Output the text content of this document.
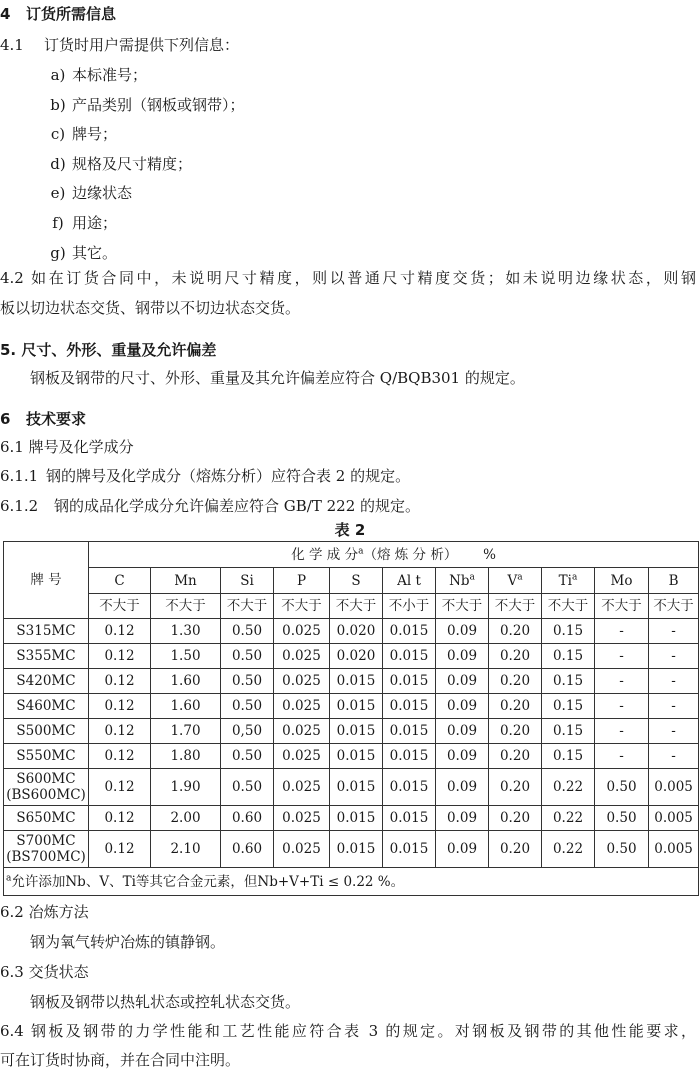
4 订货所需信息
4.1 订货时用户需提供下列信息：
a) 本标准号；
b) 产品类别（钢板或钢带）；
c) 牌号；
d) 规格及尺寸精度；
e) 边缘状态
f) 用途；
g) 其它。
4.2 如在订货合同中，未说明尺寸精度，则以普通尺寸精度交货；如未说明边缘状态，则钢
板以切边状态交货、钢带以不切边状态交货。
5. 尺寸、外形、重量及允许偏差
钢板及钢带的尺寸、外形、重量及其允许偏差应符合 Q/BQB301 的规定。
6 技术要求
6.1 牌号及化学成分
6.1.1 钢的牌号及化学成分（熔炼分析）应符合表 2 的规定。
6.1.2 钢的成品化学成分允许偏差应符合 GB/T 222 的规定。
表 2
牌 号	化 学 成 分$^a$（熔 炼 分 析） %										
	C	Mn	Si	P	S	Al t	Nb$^a$	$V^a$	Ti$^a$	Mo	B
	不大于	不大于	不大于	不大于	不大于	不小于	不大于	不大于	不大于	不大于	不大于
S315MC	0.12	1.30	0.50	0.025	0.020	0.015	0.09	0.20	0.15	-	-
S355MC	0.12	1.50	0.50	0.025	0.020	0.015	0.09	0.20	0.15	-	-
S420MC	0.12	1.60	0.50	0.025	0.015	0.015	0.09	0.20	0.15	-	-
S460MC	0.12	1.60	0.50	0.025	0.015	0.015	0.09	0.20	0.15	-	-
S500MC	0.12	1.70	0,50	0.025	0.015	0.015	0.09	0.20	0.15	-	-
S550MC	0.12	1.80	0.50	0.025	0.015	0.015	0.09	0.20	0.15	-	-
S600MC
(BS600MC)	0.12	1.90	0.50	0.025	0.015	0.015	0.09	0.20	0.22	0.50	0.005
S650MC	0.12	2.00	0.60	0.025	0.015	0.015	0.09	0.20	0.22	0.50	0.005
S700MC
(BS700MC)	0.12	2.10	0.60	0.025	0.015	0.015	0.09	0.20	0.22	0.50	0.005
$^a$允许添加Nb、V、Ti等其它合金元素，但Nb+V+Ti ≤ 0.22 %。											
6.2 冶炼方法
钢为氧气转炉冶炼的镇静钢。
6.3 交货状态
钢板及钢带以热轧状态或控轧状态交货。
6.4 钢板及钢带的力学性能和工艺性能应符合表 3 的规定。对钢板及钢带的其他性能要求，
可在订货时协商，并在合同中注明。
